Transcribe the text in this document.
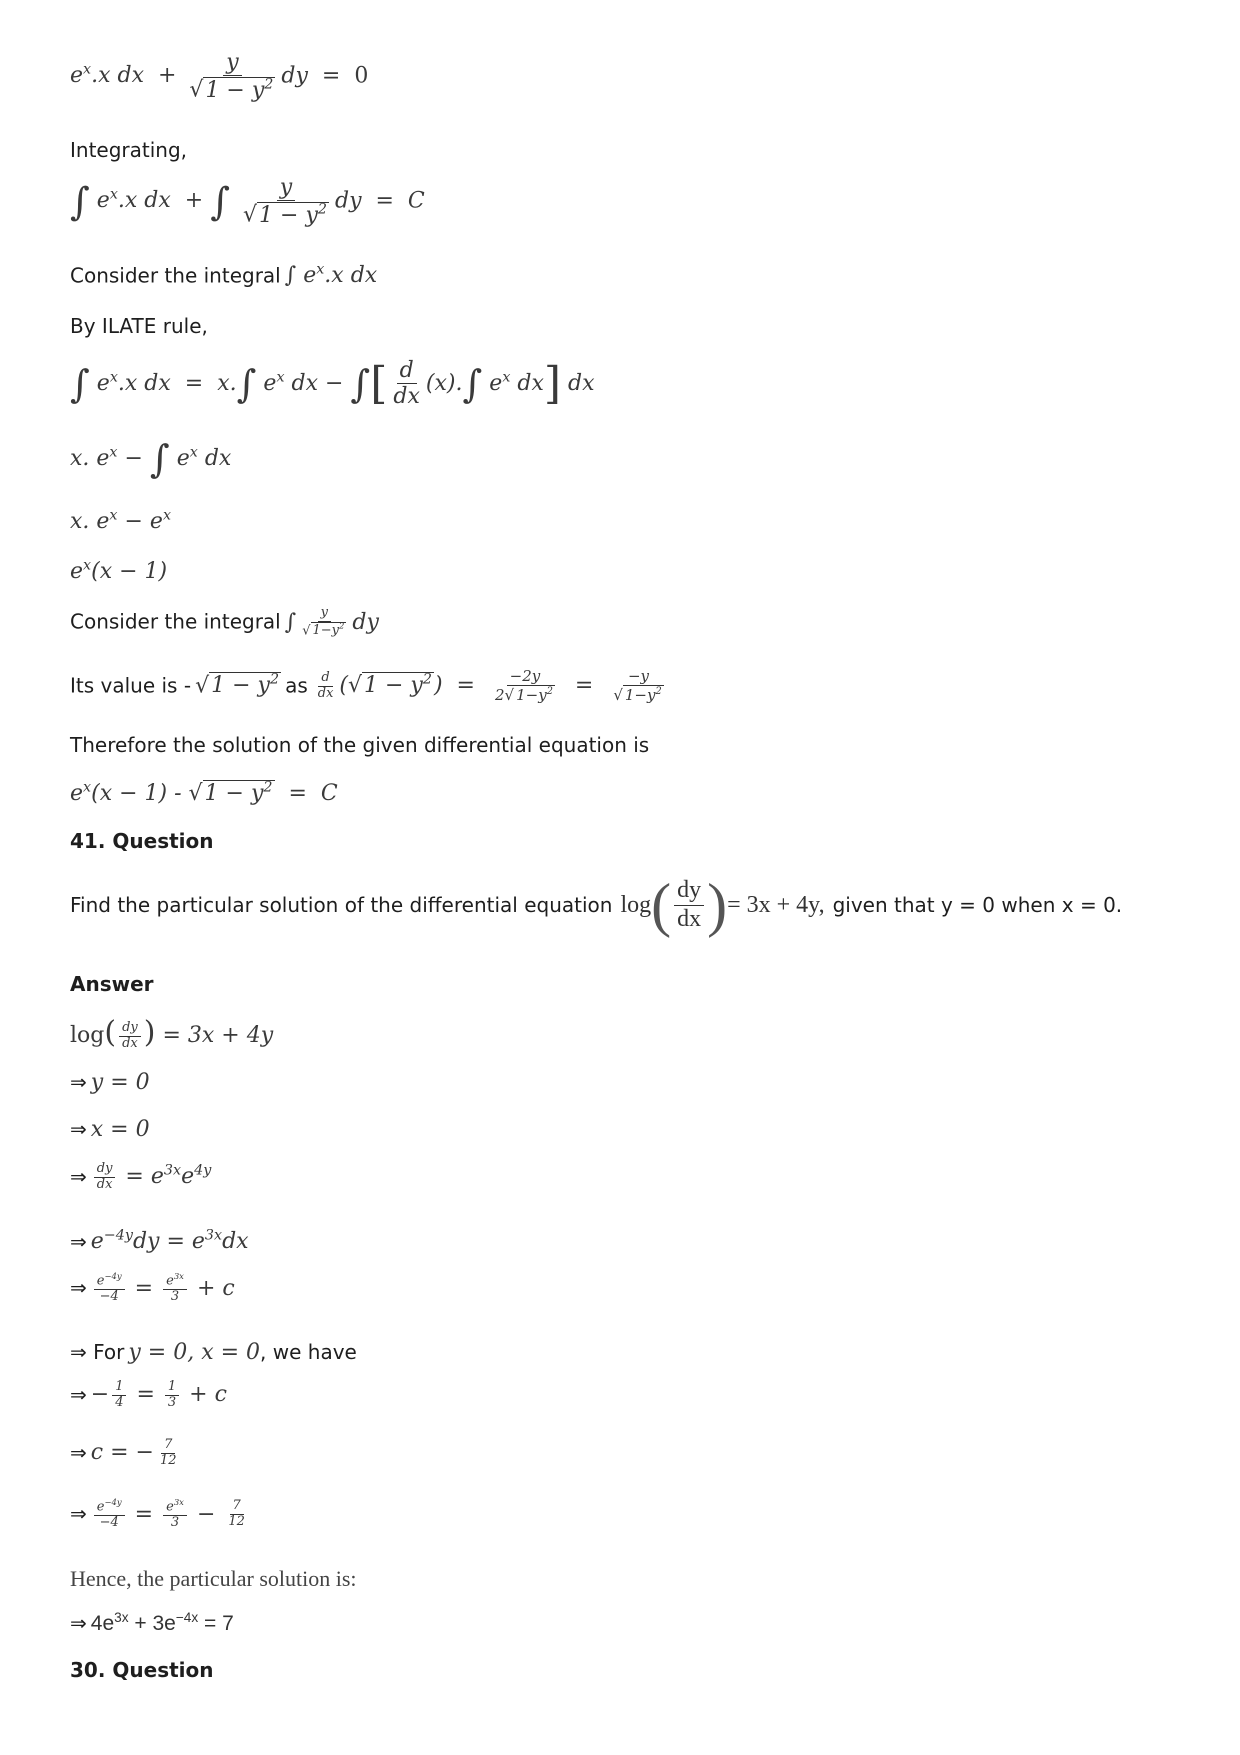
$e^x.x$ dx  + $\frac{y}{√1 - y^2}$ dy  =  0
Integrating,
∫ $e^x.x$ dx  + ∫ $\frac{y}{√1 - y^2}$ dy  =  C
Consider the integral ∫ $e^x.x$ dx
By ILATE rule,
∫ $e^x.x$ dx  =  x.∫ $e^x$ dx − ∫[ $\frac{d}{dx} (x).\int$ $e^x$ dx] dx
x. $e^x$ − ∫ $e^x$ dx
x. $e^x - e^x$
$e^x(x - 1)$
Consider the integral ∫ $\frac{y}{√ 1-y^2}$ dy
Its value is - $√1 - y^2$ as $\frac{d}{dx} (√1 - y^2) = \frac{-2y}{2√ 1-y^2} = \frac{-y}{√ 1-y^2}$
Therefore the solution of the given differential equation is
$e^x(x - 1) - √1 - y^2 = C$
41. Question
Find the particular solution of the differential equation log ( $\frac{dy}{dx}$ ) = 3x + 4y, given that y = 0 when x = 0.
Answer
$\log( \frac{dy}{dx}$ ) = 3x + 4y
⇒ y = 0
⇒ x = 0
⇒ $\frac{dy}{dx} = e^{3x}e^{4y}$
⇒ $e^{-4y}dy = e^{3x}dx$
⇒ $\frac{e^{-4y}}{-4} = \frac{e^{3x}}{3} + c$
⇒ For y = 0, x = 0, we have
⇒ − $\frac{1}{4} = \frac{1}{3} + c$
⇒ c = − $\frac{7}{12}$
⇒ $\frac{e^{-4y}}{-4} = \frac{e^{3x}}{3} - \frac{7}{12}$
Hence, the particular solution is:
⇒ $4e^{3x} + 3e^{-4x} = 7$
30. Question
